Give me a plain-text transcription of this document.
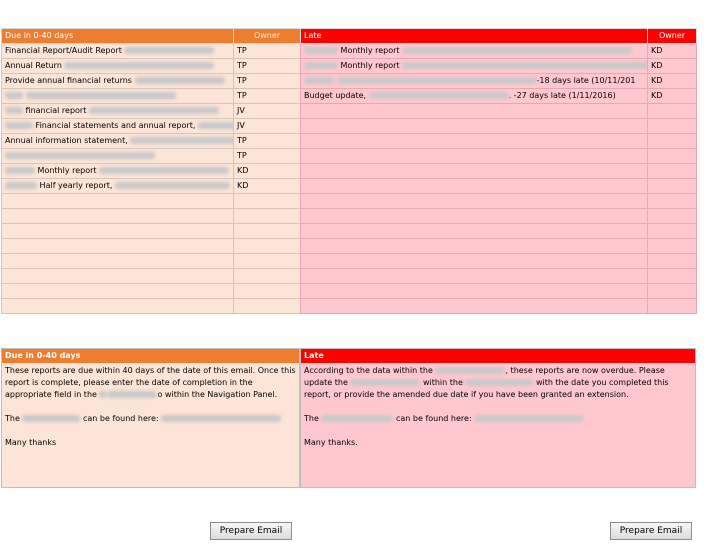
Due in 0-40 days	Owner
Financial Report/Audit Report	TP
Annual Return	TP
Provide annual financial returns	TP
	TP
financial report	JV
Financial statements and annual report,	JV
Annual information statement,	TP
	TP
Monthly report	KD
Half yearly report,	KD

Late	Owner
Monthly report	KD
Monthly report	KD
-18 days late (10/11/201	KD
Budget update, . -27 days late (1/11/2016)	KD

Due in 0-40 days

These reports are due within 40 days of the date of this email. Once this report is complete, please enter the date of completion in the appropriate field in the	o within the Navigation Panel.

The	can be found here:

Many thanks

Late

According to the data within the	, these reports are now overdue. Please update the	within the	with the date you completed this report, or provide the amended due date if you have been granted an extension.

The	can be found here:

Many thanks.

Prepare Email	Prepare Email
